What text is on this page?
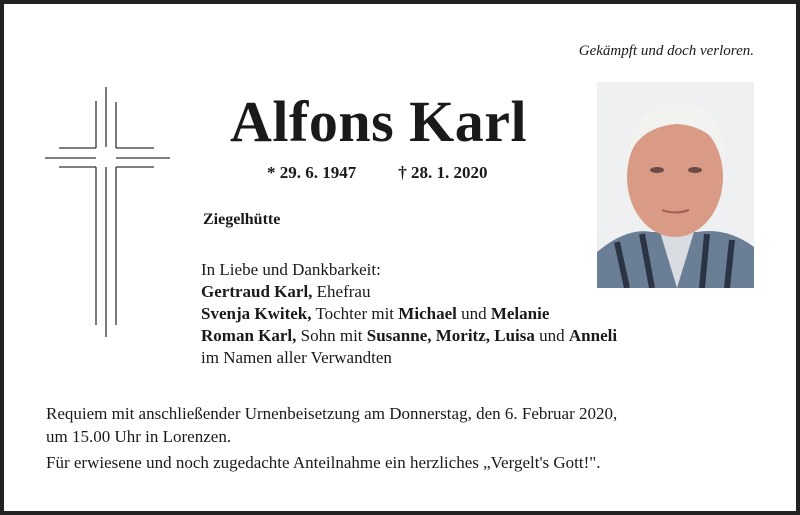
Gekämpft und doch verloren.
Alfons Karl
* 29. 6. 1947 † 28. 1. 2020
Ziegelhütte
In Liebe und Dankbarkeit:
Gertraud Karl, Ehefrau
Svenja Kwitek, Tochter mit Michael und Melanie
Roman Karl, Sohn mit Susanne, Moritz, Luisa und Anneli
im Namen aller Verwandten
Requiem mit anschließender Urnenbeisetzung am Donnerstag, den 6. Februar 2020,
um 15.00 Uhr in Lorenzen.
Für erwiesene und noch zugedachte Anteilnahme ein herzliches „Vergelt's Gott!".
